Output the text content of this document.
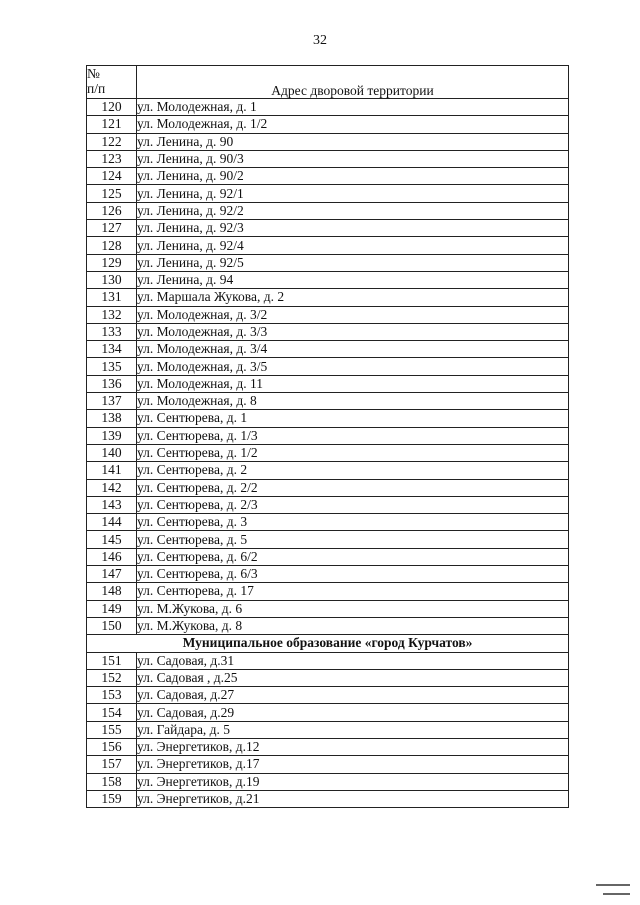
32
№
п/п	Адрес дворовой территории
120	ул. Молодежная, д. 1
121	ул. Молодежная, д. 1/2
122	ул. Ленина, д. 90
123	ул. Ленина, д. 90/3
124	ул. Ленина, д. 90/2
125	ул. Ленина, д. 92/1
126	ул. Ленина, д. 92/2
127	ул. Ленина, д. 92/3
128	ул. Ленина, д. 92/4
129	ул. Ленина, д. 92/5
130	ул. Ленина, д. 94
131	ул. Маршала Жукова, д. 2
132	ул. Молодежная, д. 3/2
133	ул. Молодежная, д. 3/3
134	ул. Молодежная, д. 3/4
135	ул. Молодежная, д. 3/5
136	ул. Молодежная, д. 11
137	ул. Молодежная, д. 8
138	ул. Сентюрева, д. 1
139	ул. Сентюрева, д. 1/3
140	ул. Сентюрева, д. 1/2
141	ул. Сентюрева, д. 2
142	ул. Сентюрева, д. 2/2
143	ул. Сентюрева, д. 2/3
144	ул. Сентюрева, д. 3
145	ул. Сентюрева, д. 5
146	ул. Сентюрева, д. 6/2
147	ул. Сентюрева, д. 6/3
148	ул. Сентюрева, д. 17
149	ул. М.Жукова, д. 6
150	ул. М.Жукова, д. 8
Муниципальное образование «город Курчатов»	
151	ул. Садовая, д.31
152	ул. Садовая , д.25
153	ул. Садовая, д.27
154	ул. Садовая, д.29
155	ул. Гайдара, д. 5
156	ул. Энергетиков, д.12
157	ул. Энергетиков, д.17
158	ул. Энергетиков, д.19
159	ул. Энергетиков, д.21
